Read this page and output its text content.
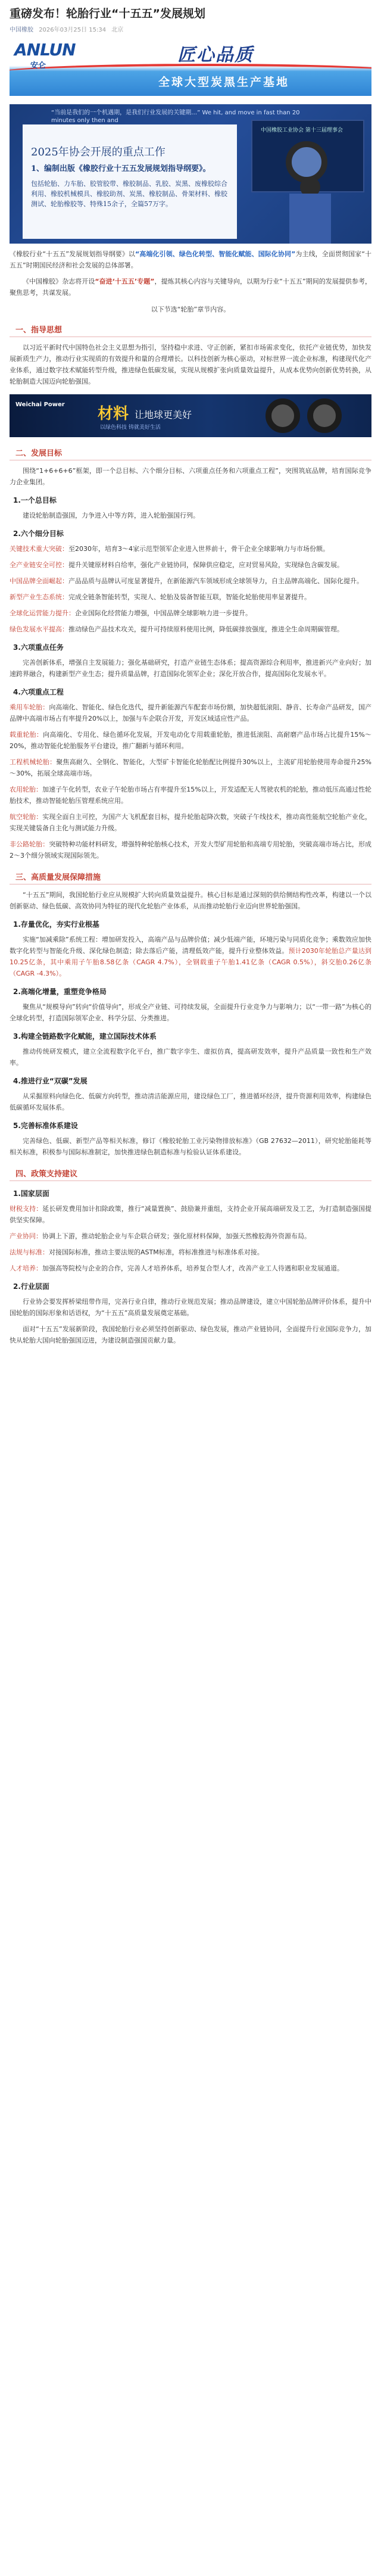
重磅发布！轮胎行业“十五五”发展规划
中国橡胶 2026年03月25日 15:34 北京
ANLUN
安仑
匠心品质
全球大型炭黑生产基地
“当前是我们的一个机遇期，是我们行业发展的关键期…” We hit, and move in fast than 20 minutes only then and
2025年协会开展的重点工作
1、编制出版《橡胶行业十五五发展规划指导纲要》。
包括轮胎、力车胎、胶管胶带、橡胶制品、乳胶、炭黑、废橡胶综合利用、橡胶机械模具、橡胶助剂、炭黑、橡胶制品、骨架材料、橡胶测试、轮胎橡胶等、特殊15余子，全篇57万字。
中国橡胶工业协会 第十三届理事会

《橡胶行业“十五五”发展规划指导纲要》以“高端化引领、绿色化转型、智能化赋能、国际化协同”为主线，全面贯彻国家“十五五”时期国民经济和社会发展的总体部署。

《中国橡胶》杂志将开设“奋进‘十五五’专题”，提炼其核心内容与关键导向，以期为行业“十五五”期间的发展提供参考，聚焦思考，共谋发展。

以下节选“轮胎”章节内容。

一、指导思想

以习近平新时代中国特色社会主义思想为指引，坚持稳中求进、守正创新，紧扣市场需求变化，依托产业链优势，加快发展新质生产力，推动行业实现质的有效提升和量的合理增长。以科技创新为核心驱动，对标世界一流企业标准，构建现代化产业体系，通过数字技术赋能转型升级，推进绿色低碳发展，实现从规模扩张向质量效益提升，从成本优势向创新优势转换，从轮胎制造大国迈向轮胎强国。

Weichai Power
材料 让地球更美好
以绿色科技 铸就美好生活
二、发展目标

围绕“1+6+6+6”框架，即一个总目标、六个细分目标、六项重点任务和六项重点工程”，突围筑底品牌，培育国际竞争力企业集团。

1.一个总目标

建设轮胎制造强国，力争进入中等方阵，进入轮胎强国行列。

2.六个细分目标

关键技术重大突破：至2030年，培育3～4家示范型领军企业进入世界前十，骨干企业全球影响力与市场份额。

全产业链安全可控：提升关键原材料自给率，强化产业链协同，保障供应稳定，应对贸易风险，实现绿色含碳发展。

中国品牌全面崛起：产品品质与品牌认可度显著提升，在新能源汽车领域形成全球领导力，自主品牌高端化、国际化提升。

新型产业生态系统：完成全链条智能转型，实现人、轮胎及装备智能互联，智能化轮胎使用率显著提升。

全球化运营能力提升：企业国际化经营能力增强，中国品牌全球影响力进一步提升。

绿色发展水平提高：推动绿色产品技术攻关，提升可持续原料使用比例，降低碳排放强度，推进全生命周期碳管理。

3.六项重点任务

完善创新体系，增强自主发展能力；强化基础研究，打造产业链生态体系；提高资源综合利用率，推进新兴产业向好；加速跨界融合，构建新型产业生态；提升质量品牌，打造国际化领军企业；深化开放合作，提高国际化发展水平。

4.六项重点工程

乘用车轮胎：向高端化、智能化、绿色化迭代，提升新能源汽车配套市场份额，加快超低滚阻、静音、长寿命产品研发，国产品牌中高端市场占有率提升20%以上，加强与车企联合开发，开发区域适应性产品。

载重轮胎：向高端化、专用化、绿色循环化发展，开发电动化专用载重轮胎，推进低滚阻、高耐磨产品市场占比提升15%～20%，推动智能化轮胎服务平台建设，推广翻新与循环利用。

工程机械轮胎：聚焦高耐久、全钢化、智能化，大型矿卡智能化轮胎配比例提升30%以上，主流矿用轮胎使用寿命提升25%～30%，拓展全球高端市场。

农用轮胎：加速子午化转型，农业子午轮胎市场占有率提升至15%以上，开发适配无人驾驶农机的轮胎，推动低压高通过性轮胎技术，推动智能轮胎压管理系统应用。

航空轮胎：实现全面自主可控，为国产大飞机配套目标，提升轮胎起降次数，突破子午线技术，推动高性能航空轮胎产业化，实现关键装备自主化与测试能力升级。

非公路轮胎：突破特种功能材料研发，增强特种轮胎核心技术，开发大型矿用轮胎和高端专用轮胎，突破高端市场占比，形成2～3个细分领域实现国际领先。

三、高质量发展保障措施

“十五五”期间，我国轮胎行业应从规模扩大转向质量效益提升。核心目标是通过深刻的供给侧结构性改革，构建以一个以创新驱动、绿色低碳、高效协同为特征的现代化轮胎产业体系，从而推动轮胎行业迈向世界轮胎强国。

1.存量优化，夯实行业根基

实施“加减乘除”系统工程：增加研发投入，高端产品与品牌价值；减少低端产能，环境污染与同质化竞争；乘数效应加快数字化转型与智能化升级、深化绿色制造；除去落后产能，清理低效产能，提升行业整体效益。预计2030年轮胎总产量达到10.25亿条，其中乘用子午胎8.58亿条（CAGR 4.7%），全钢载重子午胎1.41亿条（CAGR 0.5%），斜交胎0.26亿条（CAGR -4.3%）。

2.高端化增量，重塑竞争格局

聚焦从“规模导向”转向“价值导向”，形成全产业链、可持续发展，全面提升行业竞争力与影响力；以“一带一路”为核心的全球化转型，打造国际领军企业、科学分层、分类推进。

3.构建全链路数字化赋能，建立国际技术体系

推动传统研发模式，建立全流程数字化平台，推广数字孪生、虚拟仿真，提高研发效率，提升产品质量一致性和生产效率。

4.推进行业“双碳”发展

从采掘原料向绿色化、低碳方向转型，推动清洁能源应用，建设绿色工厂，推进循环经济，提升资源利用效率，构建绿色低碳循环发展体系。

5.完善标准体系建设

完善绿色、低碳、新型产品等相关标准，修订《橡胶轮胎工业污染物排放标准》（GB 27632—2011），研究轮胎能耗等相关标准，积极参与国际标准制定，加快推进绿色制造标准与检验认证体系建设。

四、政策支持建议
1.国家层面

财税支持：延长研发费用加计扣除政策，推行“减量置换”、鼓励兼并重组，支持企业开展高端研发及工艺，为打造制造强国提供坚实保障。

产业协同：协调上下游，推动轮胎企业与车企联合研发；强化原材料保障，加强天然橡胶海外资源布局。

法规与标准：对接国际标准，推动主要法规的ASTM标准，将标准推进与标准体系对接。

人才培养：加强高等院校与企业的合作，完善人才培养体系，培养复合型人才，改善产业工人待遇和职业发展通道。

2.行业层面

行业协会要发挥桥梁纽带作用，完善行业自律，推动行业规范发展；推动品牌建设，建立中国轮胎品牌评价体系，提升中国轮胎的国际形象和话语权，为“十五五”高质量发展奠定基础。

面对“十五五”发展新阶段，我国轮胎行业必须坚持创新驱动、绿色发展，推动产业链协同，全面提升行业国际竞争力，加快从轮胎大国向轮胎强国迈进，为建设制造强国贡献力量。
